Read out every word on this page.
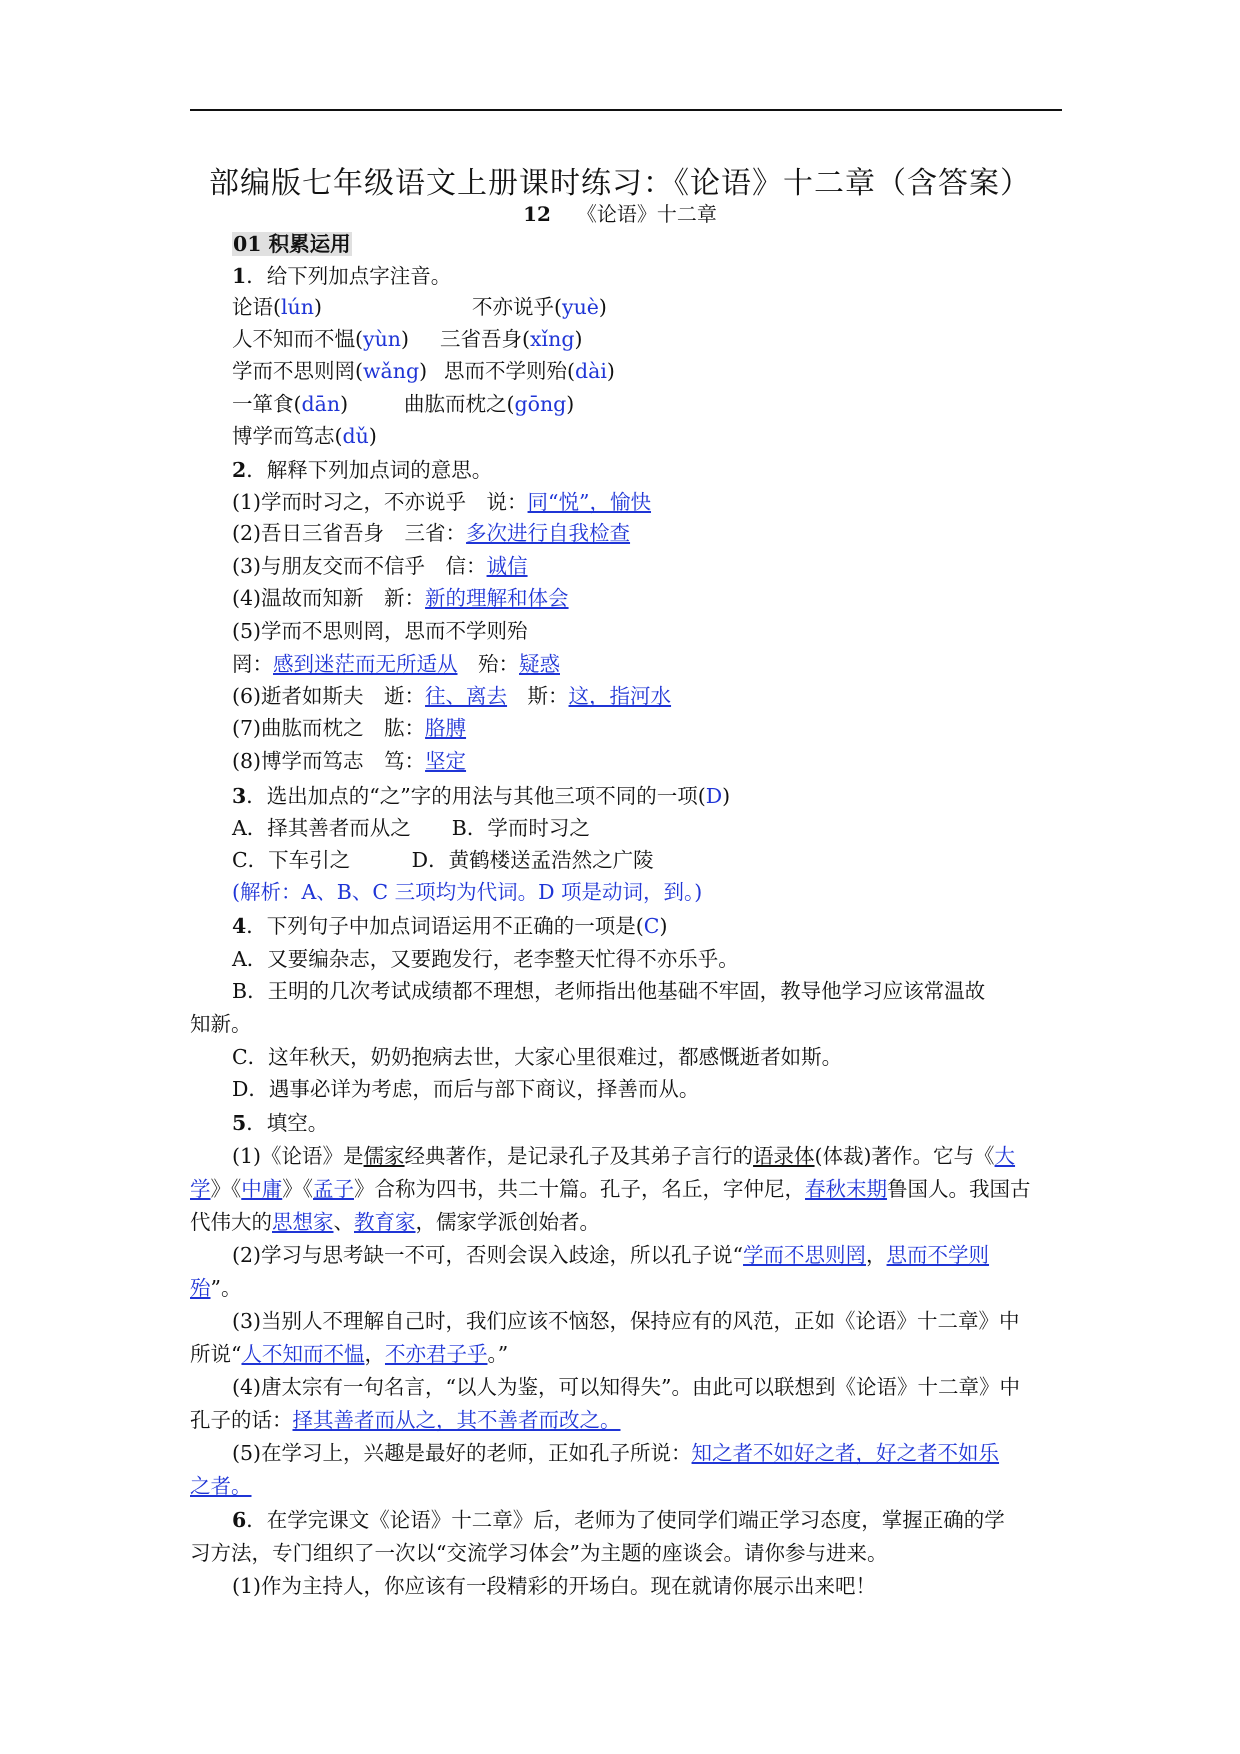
部编版七年级语文上册课时练习：《论语》十二章（含答案）
12 《论语》十二章
01 积累运用
1．给下列加点字注音。
论语(lún)	不亦说乎(yuè)
人不知而不愠(yùn) 三省吾身(xǐng)
学而不思则罔(wǎng) 思而不学则殆(dài)
一箪食(dān)	曲肱而枕之(gōng)
博学而笃志(dǔ)
2．解释下列加点词的意思。
(1)学而时习之，不亦说乎　说：同“悦”，愉快
(2)吾日三省吾身　三省：多次进行自我检查
(3)与朋友交而不信乎　信：诚信
(4)温故而知新　新：新的理解和体会
(5)学而不思则罔，思而不学则殆
罔：感到迷茫而无所适从　殆：疑惑
(6)逝者如斯夫　逝：往、离去　斯：这，指河水
(7)曲肱而枕之　肱：胳膊
(8)博学而笃志　笃：坚定
3．选出加点的“之”字的用法与其他三项不同的一项(D)
A．择其善者而从之　　B．学而时习之
C．下车引之　　　D．黄鹤楼送孟浩然之广陵
(解析：A、B、C 三项均为代词。D 项是动词，到。)
4．下列句子中加点词语运用不正确的一项是(C)
A．又要编杂志，又要跑发行，老李整天忙得不亦乐乎。
B．王明的几次考试成绩都不理想，老师指出他基础不牢固，教导他学习应该常温故
知新。
C．这年秋天，奶奶抱病去世，大家心里很难过，都感慨逝者如斯。
D．遇事必详为考虑，而后与部下商议，择善而从。
5．填空。
(1)《论语》是儒家经典著作，是记录孔子及其弟子言行的语录体(体裁)著作。它与《大
学》《中庸》《孟子》合称为四书，共二十篇。孔子，名丘，字仲尼，春秋末期鲁国人。我国古
代伟大的思想家、教育家，儒家学派创始者。
(2)学习与思考缺一不可，否则会误入歧途，所以孔子说“学而不思则罔，思而不学则
殆”。
(3)当别人不理解自己时，我们应该不恼怒，保持应有的风范，正如《论语》十二章》中
所说“人不知而不愠，不亦君子乎。”
(4)唐太宗有一句名言，“以人为鉴，可以知得失”。由此可以联想到《论语》十二章》中
孔子的话：择其善者而从之，其不善者而改之。
(5)在学习上，兴趣是最好的老师，正如孔子所说：知之者不如好之者，好之者不如乐
之者。
6．在学完课文《论语》十二章》后，老师为了使同学们端正学习态度，掌握正确的学
习方法，专门组织了一次以“交流学习体会”为主题的座谈会。请你参与进来。
(1)作为主持人，你应该有一段精彩的开场白。现在就请你展示出来吧！
